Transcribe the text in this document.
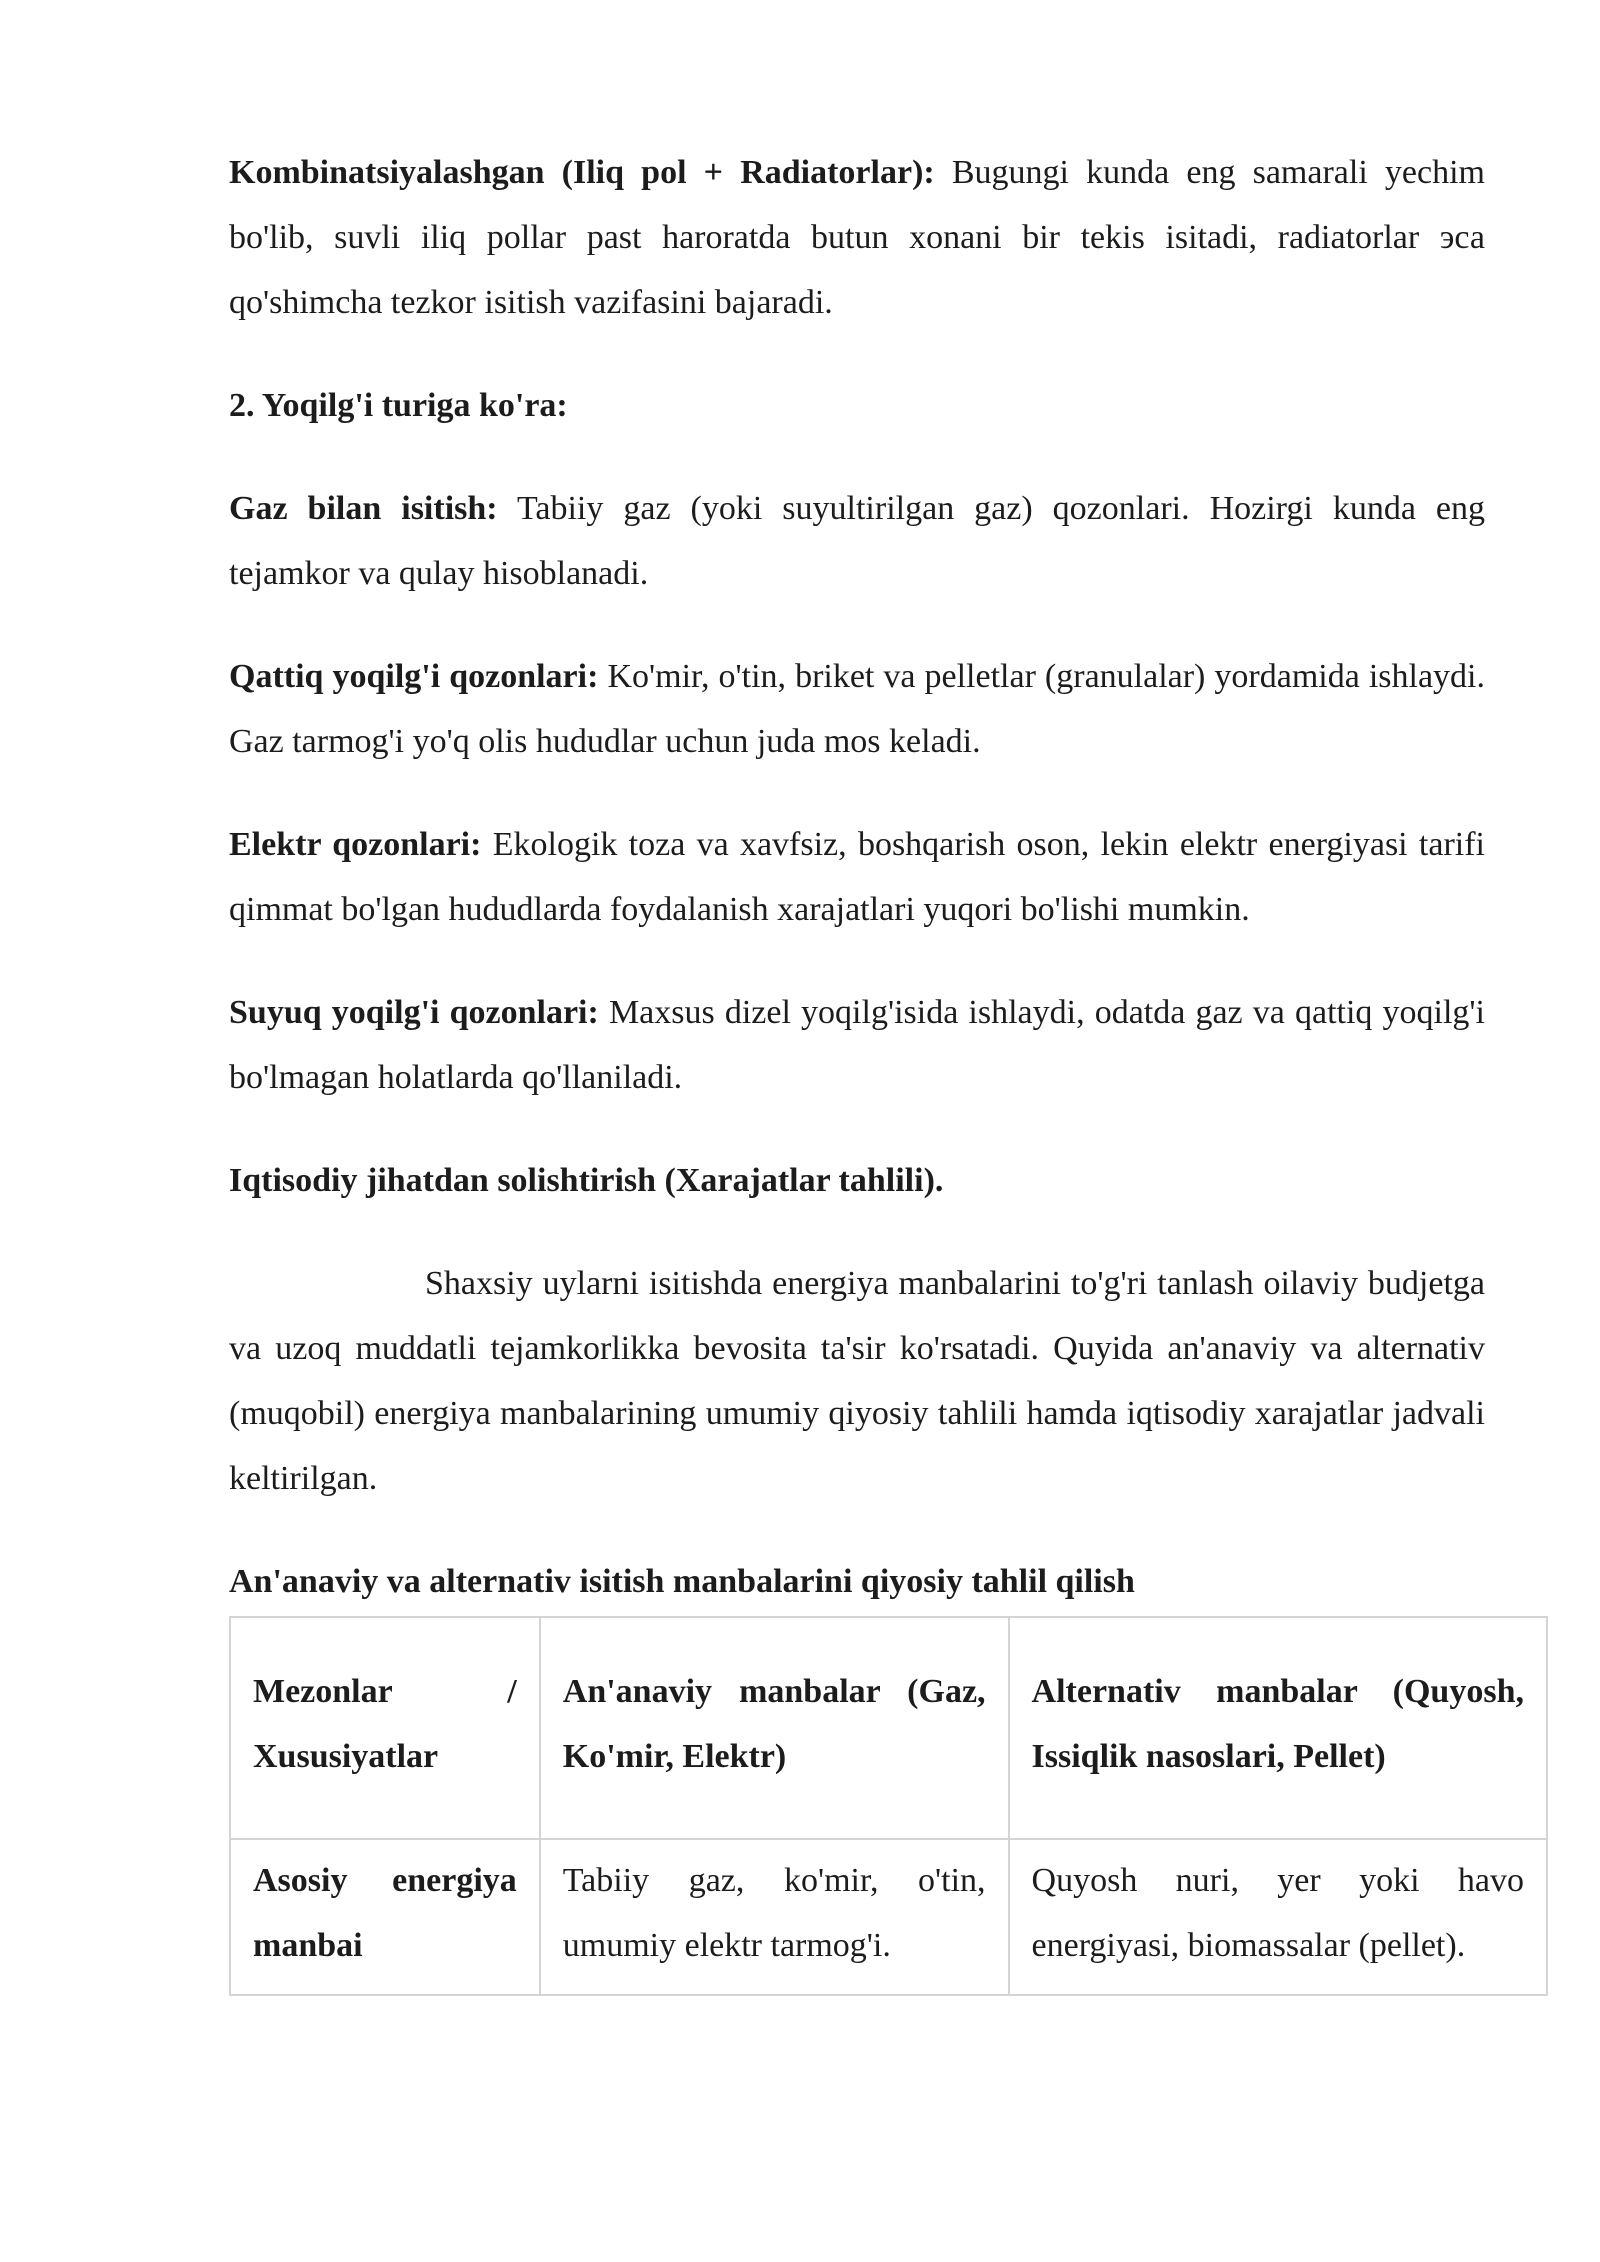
Kombinatsiyalashgan (Iliq pol + Radiatorlar): Bugungi kunda eng samarali yechim bo'lib, suvli iliq pollar past haroratda butun xonani bir tekis isitadi, radiatorlar эса qo'shimcha tezkor isitish vazifasini bajaradi.

2. Yoqilg'i turiga ko'ra:

Gaz bilan isitish: Tabiiy gaz (yoki suyultirilgan gaz) qozonlari. Hozirgi kunda eng tejamkor va qulay hisoblanadi.

Qattiq yoqilg'i qozonlari: Ko'mir, o'tin, briket va pelletlar (granulalar) yordamida ishlaydi. Gaz tarmog'i yo'q olis hududlar uchun juda mos keladi.

Elektr qozonlari: Ekologik toza va xavfsiz, boshqarish oson, lekin elektr energiyasi tarifi qimmat bo'lgan hududlarda foydalanish xarajatlari yuqori bo'lishi mumkin.

Suyuq yoqilg'i qozonlari: Maxsus dizel yoqilg'isida ishlaydi, odatda gaz va qattiq yoqilg'i bo'lmagan holatlarda qo'llaniladi.

Iqtisodiy jihatdan solishtirish (Xarajatlar tahlili).

Shaxsiy uylarni isitishda energiya manbalarini to'g'ri tanlash oilaviy budjetga va uzoq muddatli tejamkorlikka bevosita ta'sir ko'rsatadi. Quyida an'anaviy va alternativ (muqobil) energiya manbalarining umumiy qiyosiy tahlili hamda iqtisodiy xarajatlar jadvali keltirilgan.

An'anaviy va alternativ isitish manbalarini qiyosiy tahlil qilish

Mezonlar / Xususiyatlar	An'anaviy manbalar (Gaz, Ko'mir, Elektr)	Alternativ manbalar (Quyosh, Issiqlik nasoslari, Pellet)
Asosiy energiya manbai	Tabiiy gaz, ko'mir, o'tin, umumiy elektr tarmog'i.	Quyosh nuri, yer yoki havo energiyasi, biomassalar (pellet).
